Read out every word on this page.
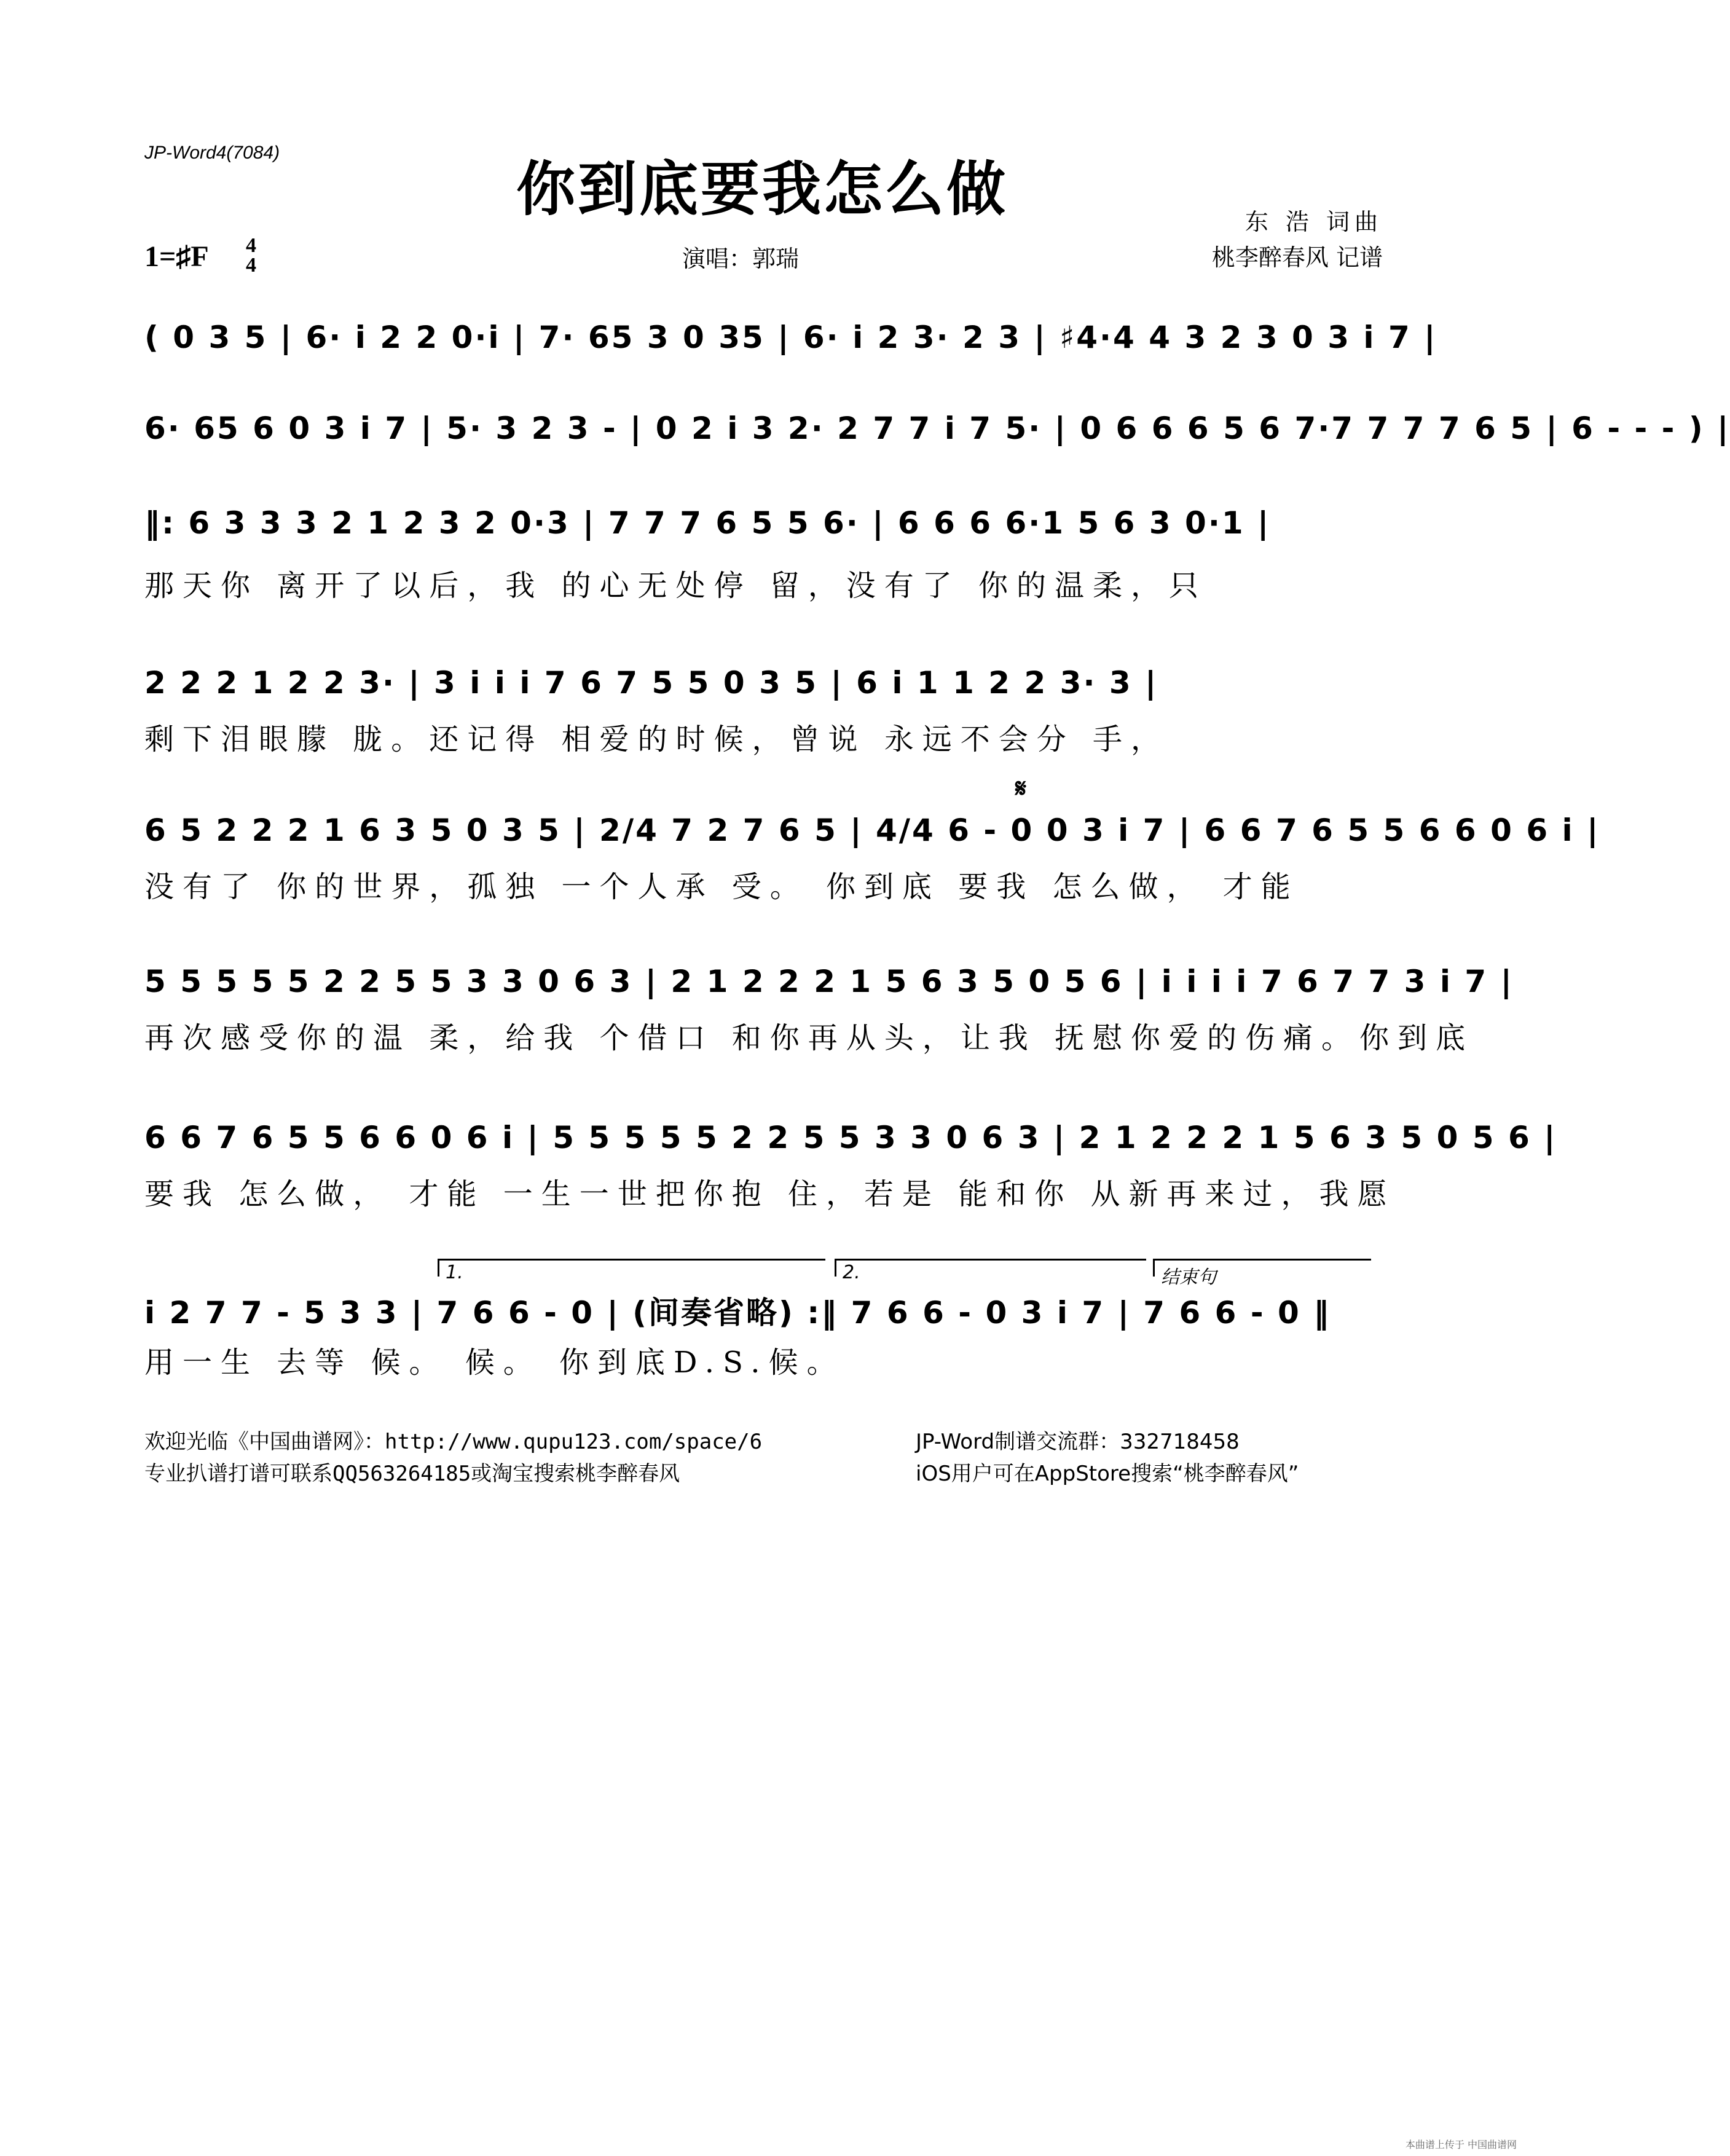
JP-Word4(7084)
你到底要我怎么做	东 浩 词曲
桃李醉春风 记谱
1=♯F 4
4	演唱：郭瑞
( 0 3 5 | 6· i 2 2 0·i | 7· 65 3 0 35 | 6· i 2 3· 2 3 | ♯4·4 4 3 2 3 0 3 i 7 |
6· 65 6 0 3 i 7 | 5· 3 2 3 - | 0 2 i 3 2· 2 7 7 i 7 5· | 0 6 6 6 5 6 7·7 7 7 7 6 5 | 6 - - - ) |
‖: 6 3 3 3 2 1 2 3 2 0·3 | 7 7 7 6 5 5 6· | 6 6 6 6·1 5 6 3 0·1 |
那天你 离开了以后，我 的心无处停 留，没有了 你的温柔，只
2 2 2 1 2 2 3· | 3 i i i 7 6 7 5 5 0 3 5 | 6 i 1 1 2 2 3· 3 |
剩下泪眼朦 胧。还记得 相爱的时候，曾说 永远不会分 手，
𝄋
6 5 2 2 2 1 6 3 5 0 3 5 | 2/4 7 2 7 6 5 | 4/4 6 - 0 0 3 i 7 | 6 6 7 6 5 5 6 6 0 6 i |
没有了 你的世界，孤独 一个人承 受。 你到底 要我 怎么做， 才能
5 5 5 5 5 2 2 5 5 3 3 0 6 3 | 2 1 2 2 2 1 5 6 3 5 0 5 6 | i i i i 7 6 7 7 3 i 7 |
再次感受你的温 柔，给我 个借口 和你再从头，让我 抚慰你爱的伤痛。你到底
6 6 7 6 5 5 6 6 0 6 i | 5 5 5 5 5 2 2 5 5 3 3 0 6 3 | 2 1 2 2 2 1 5 6 3 5 0 5 6 |
要我 怎么做， 才能 一生一世把你抱 住，若是 能和你 从新再来过，我愿
1.	2.	结束句
i 2 7 7 - 5 3 3 | 7 6 6 - 0 | (间奏省略) :‖ 7 6 6 - 0 3 i 7 | 7 6 6 - 0 ‖
用一生 去等 候。 候。 你到底D.S.候。
欢迎光临《中国曲谱网》：http://www.qupu123.com/space/6
专业扒谱打谱可联系QQ563264185或淘宝搜索桃李醉春风
JP-Word制谱交流群：332718458
iOS用户可在AppStore搜索“桃李醉春风”
本曲谱上传于 中国曲谱网
